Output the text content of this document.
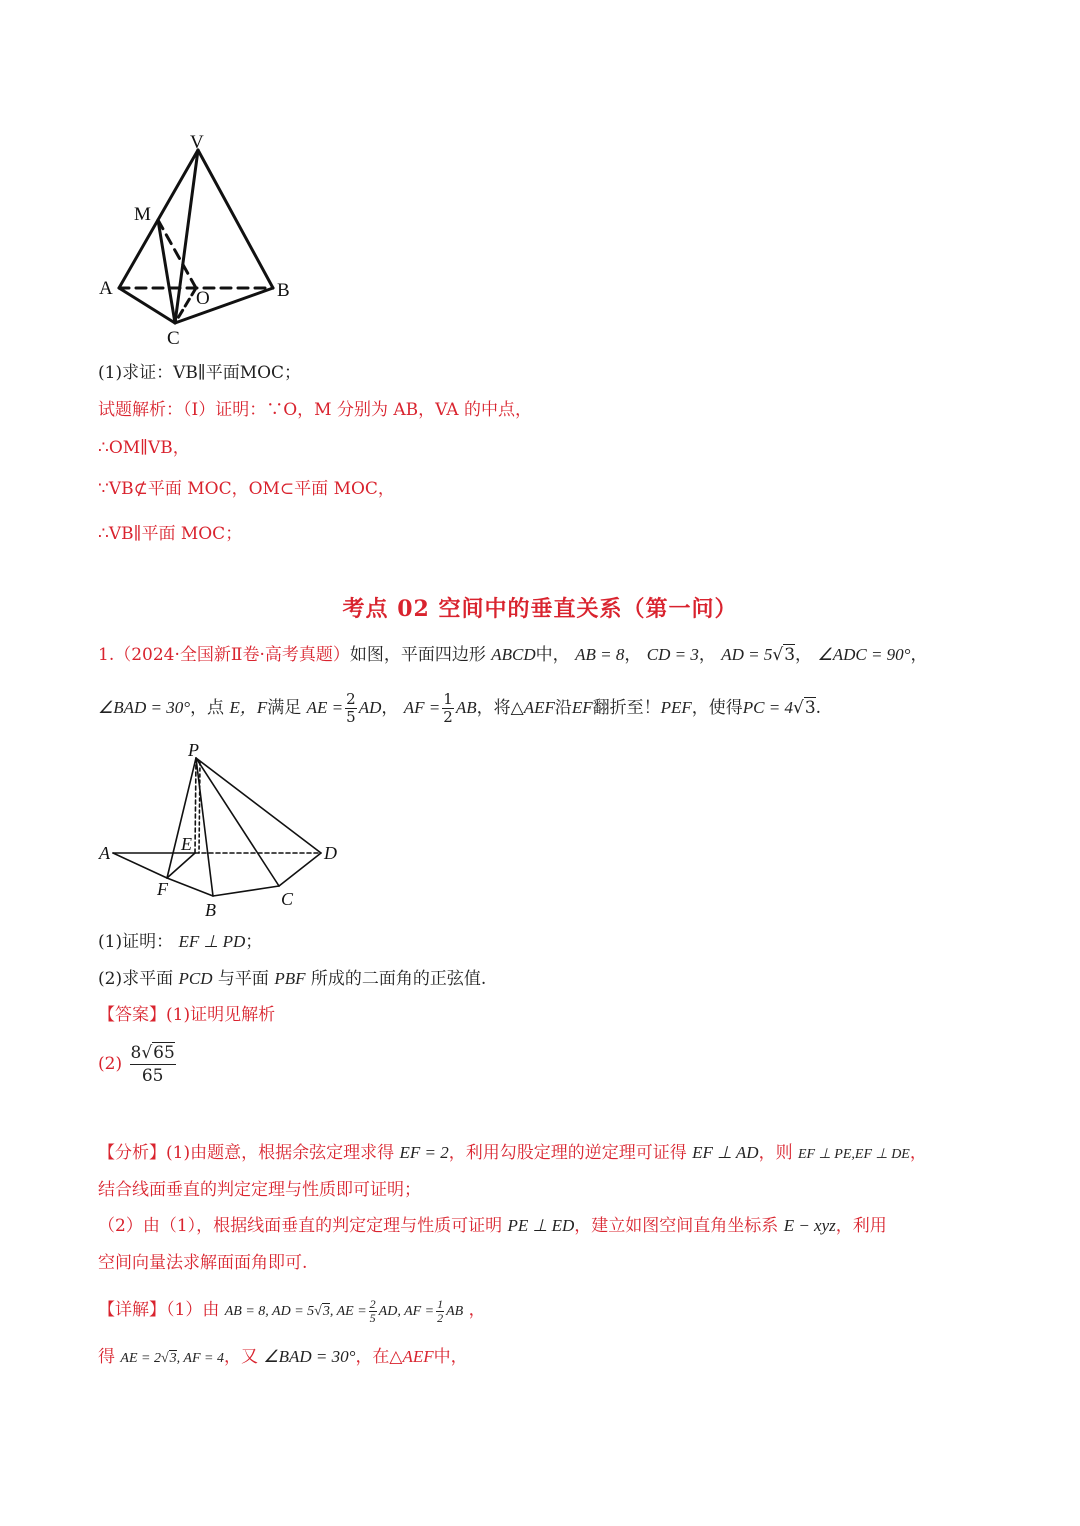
V
M
A	O	B
C
(1)求证：VB∥平面MOC；
试题解析：（Ⅰ）证明：∵O，M 分别为 AB，VA 的中点，
∴OM∥VB，
∵VB⊄平面 MOC，OM⊂平面 MOC，
∴VB∥平面 MOC；
考点 02 空间中的垂直关系（第一问）
1.（2024·全国新Ⅱ卷·高考真题）如图，平面四边形 ABCD中， AB = 8， CD = 3， AD = 5√3， ∠ADC = 90°，
∠BAD = 30°，点 E，F满足 AE = $\frac{2}{5}$ AD， AF = $\frac{1}{2}$ AB，将△AEF沿EF翻折至！PEF，使得PC = 4√3.
P
A	E	D
F	C
B
(1)证明： EF ⊥ PD；
(2)求平面 PCD 与平面 PBF 所成的二面角的正弦值.
【答案】(1)证明见解析
$(2) \frac{8√65}{65}$
【分析】(1)由题意，根据余弦定理求得 EF = 2，利用勾股定理的逆定理可证得 EF ⊥ AD，则 EF ⊥ PE,EF ⊥ DE，
结合线面垂直的判定定理与性质即可证明；
（2）由（1），根据线面垂直的判定定理与性质可证明 PE ⊥ ED，建立如图空间直角坐标系 E − xyz，利用
空间向量法求解面面角即可.
【详解】（1）由 AB = 8, AD = 5√3, AE = $\frac{2}{5}$ AD, AF = $\frac{1}{2}$ AB ，
得 AE = 2√3, AF = 4，又 ∠BAD = 30°，在△AEF中，
